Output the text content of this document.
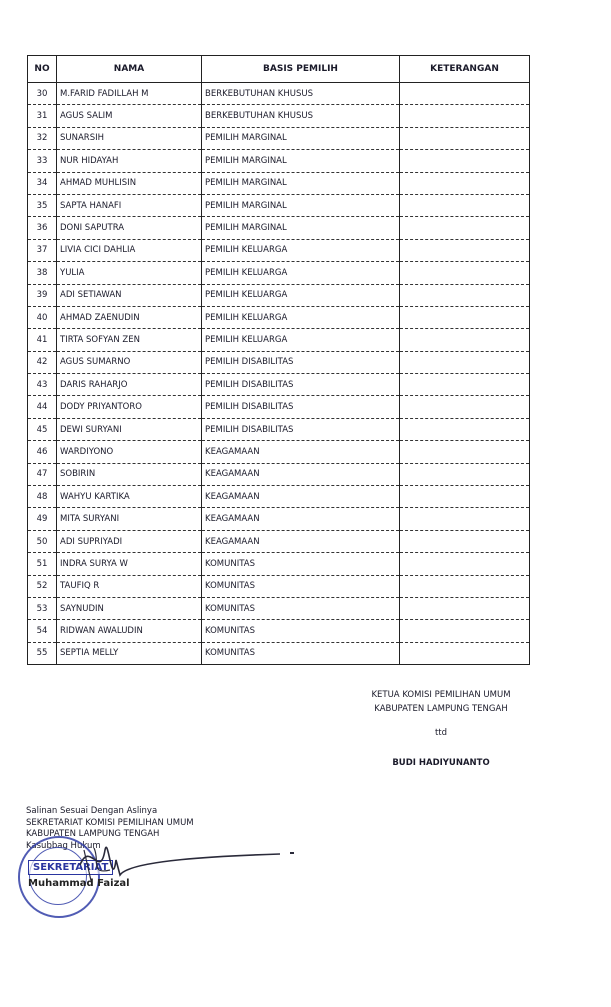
NO	NAMA	BASIS PEMILIH	KETERANGAN
30	M.FARID FADILLAH M	BERKEBUTUHAN KHUSUS	
31	AGUS SALIM	BERKEBUTUHAN KHUSUS	
32	SUNARSIH	PEMILIH MARGINAL	
33	NUR HIDAYAH	PEMILIH MARGINAL	
34	AHMAD MUHLISIN	PEMILIH MARGINAL	
35	SAPTA HANAFI	PEMILIH MARGINAL	
36	DONI SAPUTRA	PEMILIH MARGINAL	
37	LIVIA CICI DAHLIA	PEMILIH KELUARGA	
38	YULIA	PEMILIH KELUARGA	
39	ADI SETIAWAN	PEMILIH KELUARGA	
40	AHMAD ZAENUDIN	PEMILIH KELUARGA	
41	TIRTA SOFYAN ZEN	PEMILIH KELUARGA	
42	AGUS SUMARNO	PEMILIH DISABILITAS	
43	DARIS RAHARJO	PEMILIH DISABILITAS	
44	DODY PRIYANTORO	PEMILIH DISABILITAS	
45	DEWI SURYANI	PEMILIH DISABILITAS	
46	WARDIYONO	KEAGAMAAN	
47	SOBIRIN	KEAGAMAAN	
48	WAHYU KARTIKA	KEAGAMAAN	
49	MITA SURYANI	KEAGAMAAN	
50	ADI SUPRIYADI	KEAGAMAAN	
51	INDRA SURYA W	KOMUNITAS	
52	TAUFIQ R	KOMUNITAS	
53	SAYNUDIN	KOMUNITAS	
54	RIDWAN AWALUDIN	KOMUNITAS	
55	SEPTIA MELLY	KOMUNITAS	
KETUA KOMISI PEMILIHAN UMUM
KABUPATEN LAMPUNG TENGAH
ttd
BUDI HADIYUNANTO
Salinan Sesuai Dengan Aslinya
SEKRETARIAT KOMISI PEMILIHAN UMUM
KABUPATEN LAMPUNG TENGAH
Kasubbag Hukum
SEKRETARIAT
Muhammad Faizal
